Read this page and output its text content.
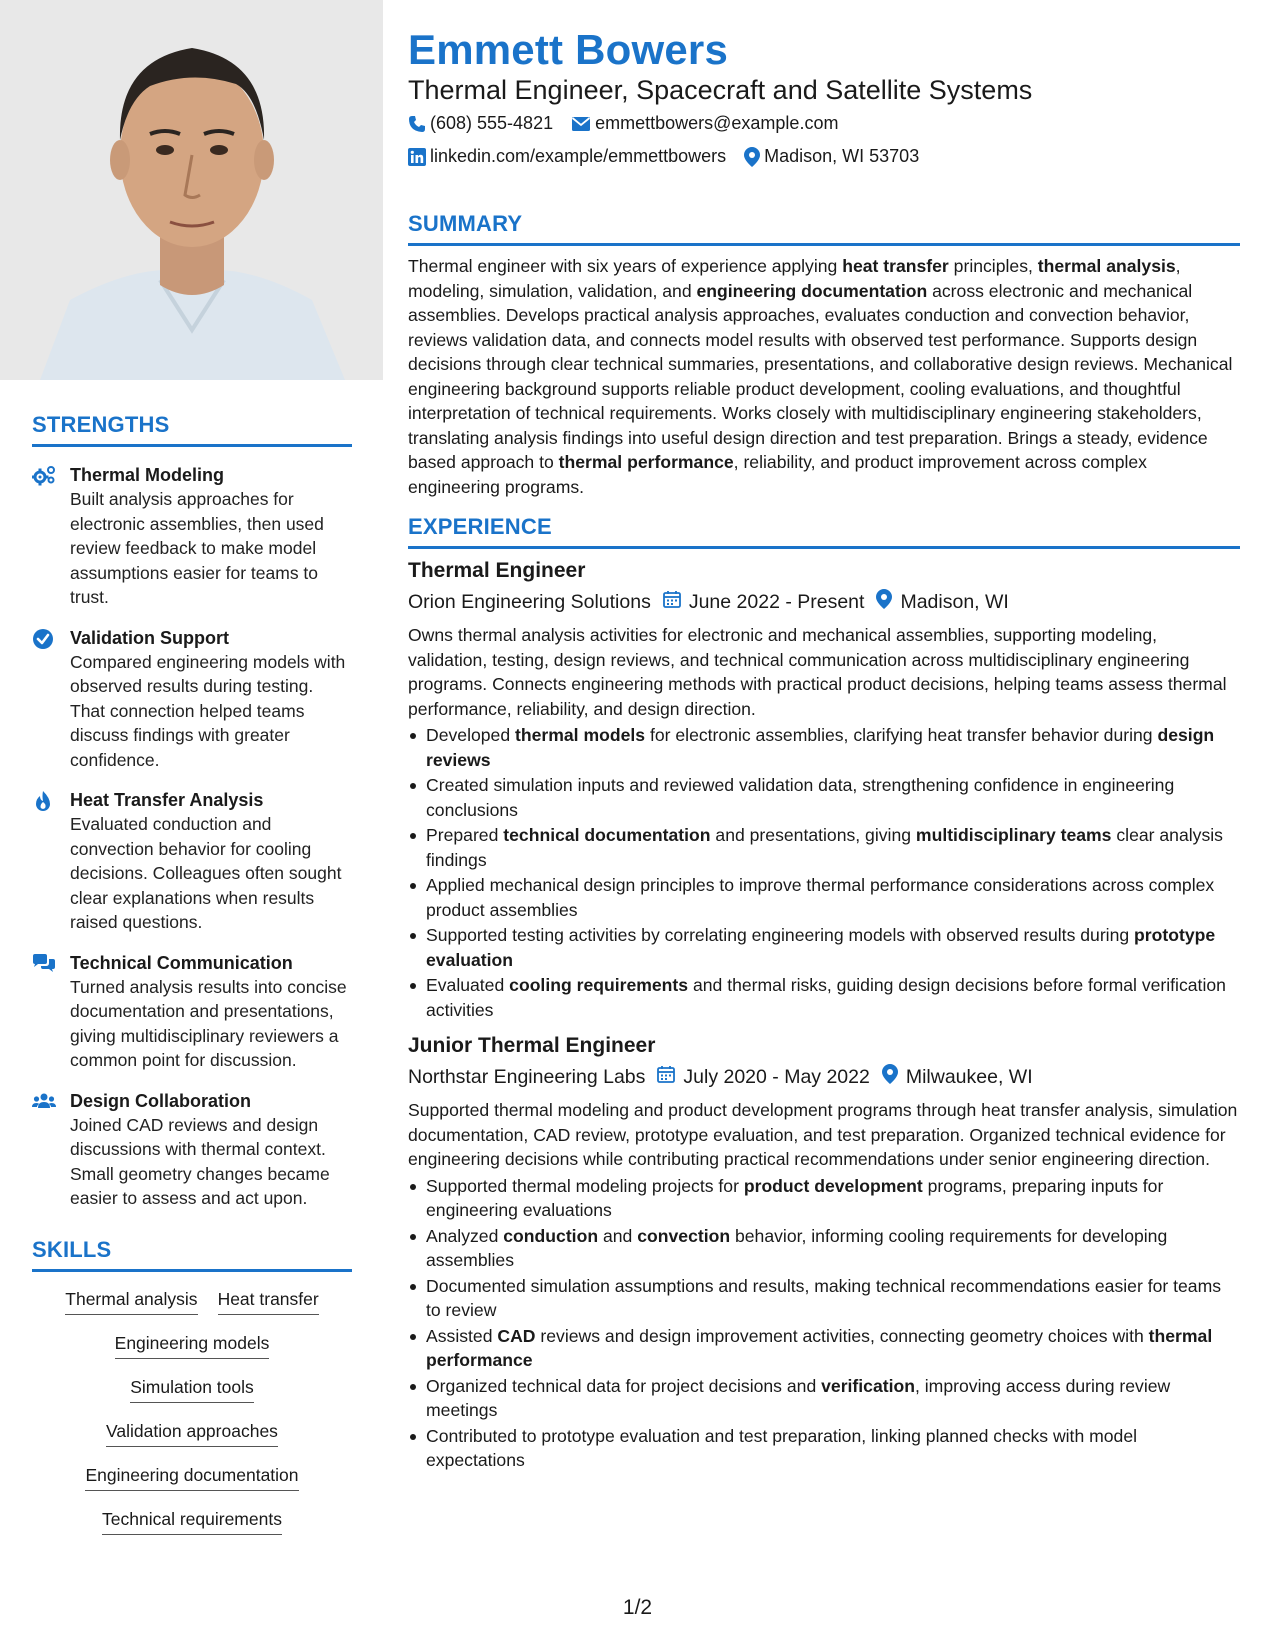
STRENGTHS
Thermal Modeling
Built analysis approaches for electronic assemblies, then used review feedback to make model assumptions easier for teams to trust.
Validation Support
Compared engineering models with observed results during testing. That connection helped teams discuss findings with greater confidence.
Heat Transfer Analysis
Evaluated conduction and convection behavior for cooling decisions. Colleagues often sought clear explanations when results raised questions.
Technical Communication
Turned analysis results into concise documentation and presentations, giving multidisciplinary reviewers a common point for discussion.
Design Collaboration
Joined CAD reviews and design discussions with thermal context. Small geometry changes became easier to assess and act upon.
SKILLS
Thermal analysis Heat transfer
Engineering models
Simulation tools
Validation approaches
Engineering documentation
Technical requirements
Emmett Bowers
Thermal Engineer, Spacecraft and Satellite Systems
(608) 555-4821 emmettbowers@example.com
linkedin.com/example/emmettbowers Madison, WI 53703
SUMMARY

Thermal engineer with six years of experience applying heat transfer principles, thermal analysis, modeling, simulation, validation, and engineering documentation across electronic and mechanical assemblies. Develops practical analysis approaches, evaluates conduction and convection behavior, reviews validation data, and connects model results with observed test performance. Supports design decisions through clear technical summaries, presentations, and collaborative design reviews. Mechanical engineering background supports reliable product development, cooling evaluations, and thoughtful interpretation of technical requirements. Works closely with multidisciplinary engineering stakeholders, translating analysis findings into useful design direction and test preparation. Brings a steady, evidence based approach to thermal performance, reliability, and product improvement across complex engineering programs.

EXPERIENCE
Thermal Engineer
Orion Engineering Solutions June 2022 - Present Madison, WI

Owns thermal analysis activities for electronic and mechanical assemblies, supporting modeling, validation, testing, design reviews, and technical communication across multidisciplinary engineering programs. Connects engineering methods with practical product decisions, helping teams assess thermal performance, reliability, and design direction.

Developed thermal models for electronic assemblies, clarifying heat transfer behavior during design reviews
Created simulation inputs and reviewed validation data, strengthening confidence in engineering conclusions
Prepared technical documentation and presentations, giving multidisciplinary teams clear analysis findings
Applied mechanical design principles to improve thermal performance considerations across complex product assemblies
Supported testing activities by correlating engineering models with observed results during prototype evaluation
Evaluated cooling requirements and thermal risks, guiding design decisions before formal verification activities
Junior Thermal Engineer
Northstar Engineering Labs July 2020 - May 2022 Milwaukee, WI

Supported thermal modeling and product development programs through heat transfer analysis, simulation documentation, CAD review, prototype evaluation, and test preparation. Organized technical evidence for engineering decisions while contributing practical recommendations under senior engineering direction.

Supported thermal modeling projects for product development programs, preparing inputs for engineering evaluations
Analyzed conduction and convection behavior, informing cooling requirements for developing assemblies
Documented simulation assumptions and results, making technical recommendations easier for teams to review
Assisted CAD reviews and design improvement activities, connecting geometry choices with thermal performance
Organized technical data for project decisions and verification, improving access during review meetings
Contributed to prototype evaluation and test preparation, linking planned checks with model expectations
1/2
